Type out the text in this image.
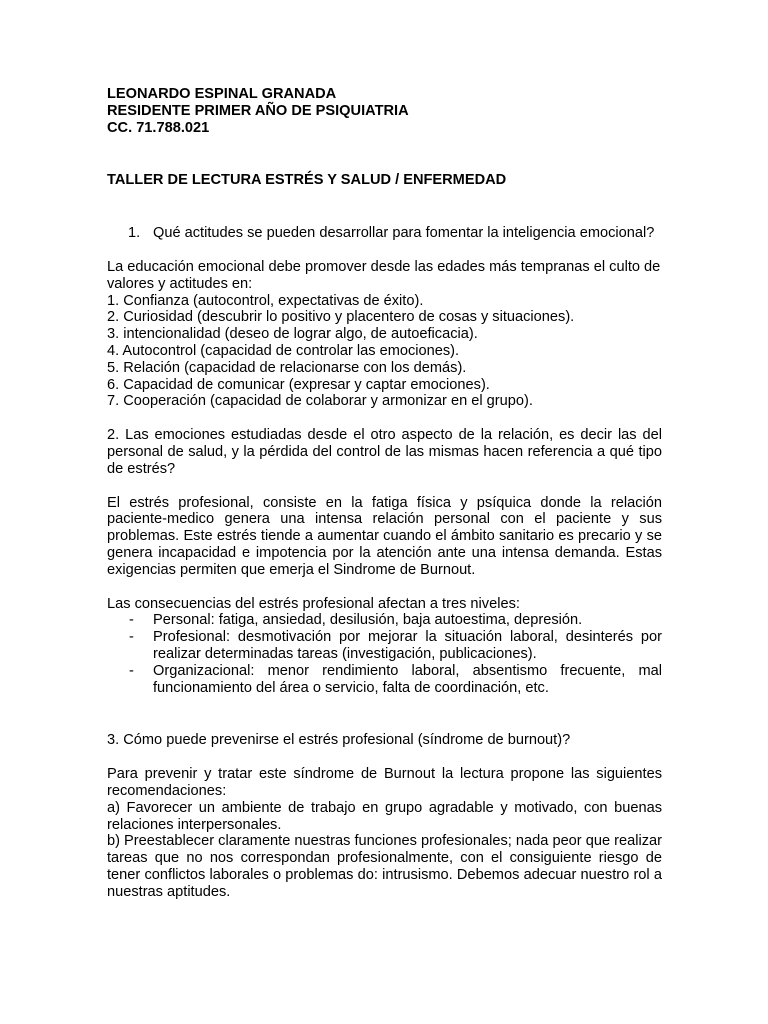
LEONARDO ESPINAL GRANADA

RESIDENTE PRIMER AÑO DE PSIQUIATRIA

CC. 71.788.021

TALLER DE LECTURA ESTRÉS Y SALUD / ENFERMEDAD

1. Qué actitudes se pueden desarrollar para fomentar la inteligencia emocional?

La educación emocional debe promover desde las edades más tempranas el culto de valores y actitudes en:

1. Confianza (autocontrol, expectativas de éxito).

2. Curiosidad (descubrir lo positivo y placentero de cosas y situaciones).

3. intencionalidad (deseo de lograr algo, de autoeficacia).

4. Autocontrol (capacidad de controlar las emociones).

5. Relación (capacidad de relacionarse con los demás).

6. Capacidad de comunicar (expresar y captar emociones).

7. Cooperación (capacidad de colaborar y armonizar en el grupo).

2. Las emociones estudiadas desde el otro aspecto de la relación, es decir las del personal de salud, y la pérdida del control de las mismas hacen referencia a qué tipo de estrés?

El estrés profesional, consiste en la fatiga física y psíquica donde la relación paciente-medico genera una intensa relación personal con el paciente y sus problemas. Este estrés tiende a aumentar cuando el ámbito sanitario es precario y se genera incapacidad e impotencia por la atención ante una intensa demanda. Estas exigencias permiten que emerja el Sindrome de Burnout.

Las consecuencias del estrés profesional afectan a tres niveles:

- Personal: fatiga, ansiedad, desilusión, baja autoestima, depresión.

- Profesional: desmotivación por mejorar la situación laboral, desinterés por realizar determinadas tareas (investigación, publicaciones).

- Organizacional: menor rendimiento laboral, absentismo frecuente, mal funcionamiento del área o servicio, falta de coordinación, etc.

3. Cómo puede prevenirse el estrés profesional (síndrome de burnout)?

Para prevenir y tratar este síndrome de Burnout la lectura propone las siguientes recomendaciones:

a) Favorecer un ambiente de trabajo en grupo agradable y motivado, con buenas relaciones interpersonales.

b) Preestablecer claramente nuestras funciones profesionales; nada peor que realizar tareas que no nos correspondan profesionalmente, con el consiguiente riesgo de tener conflictos laborales o problemas do: intrusismo. Debemos adecuar nuestro rol a nuestras aptitudes.
